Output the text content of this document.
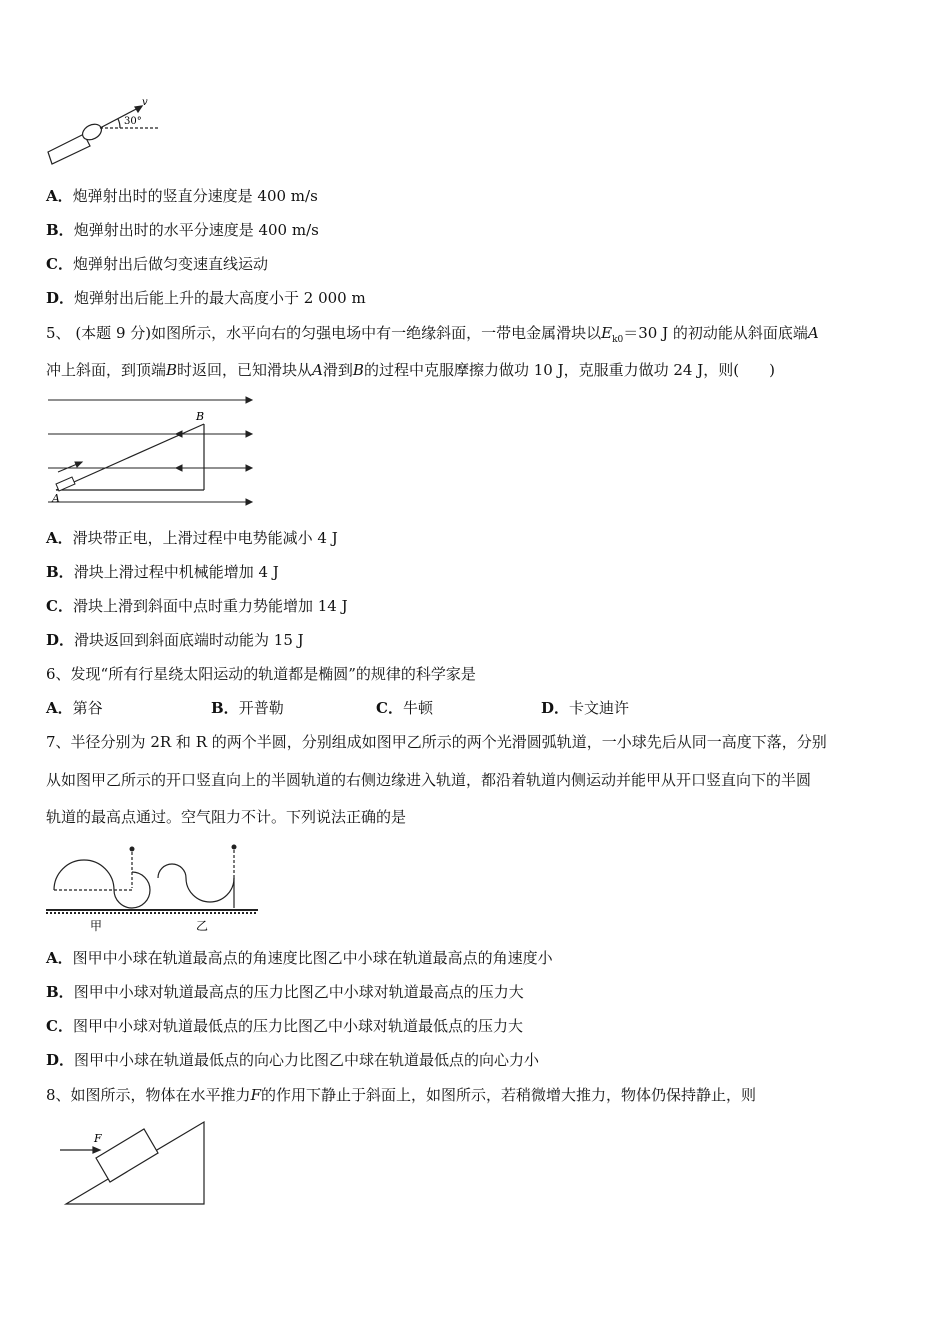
v
30°
A．炮弹射出时的竖直分速度是 400 m/s
B．炮弹射出时的水平分速度是 400 m/s
C．炮弹射出后做匀变速直线运动
D．炮弹射出后能上升的最大高度小于 2 000 m
5、 (本题 9 分)如图所示，水平向右的匀强电场中有一绝缘斜面，一带电金属滑块以$E_{k0}=30$ J 的初动能从斜面底端A
冲上斜面，到顶端B时返回，已知滑块从A滑到B的过程中克服摩擦力做功 10 J，克服重力做功 24 J，则(　　)
A
B
A．滑块带正电，上滑过程中电势能减小 4 J
B．滑块上滑过程中机械能增加 4 J
C．滑块上滑到斜面中点时重力势能增加 14 J
D．滑块返回到斜面底端时动能为 15 J
6、发现“所有行星绕太阳运动的轨道都是椭圆”的规律的科学家是
A．第谷	B．开普勒	C．牛顿	D．卡文迪许
7、半径分别为 2R 和 R 的两个半圆，分别组成如图甲乙所示的两个光滑圆弧轨道，一小球先后从同一高度下落，分别
从如图甲乙所示的开口竖直向上的半圆轨道的右侧边缘进入轨道，都沿着轨道内侧运动并能甲从开口竖直向下的半圆
轨道的最高点通过。空气阻力不计。下列说法正确的是
甲	乙
A．图甲中小球在轨道最高点的角速度比图乙中小球在轨道最高点的角速度小
B．图甲中小球对轨道最高点的压力比图乙中小球对轨道最高点的压力大
C．图甲中小球对轨道最低点的压力比图乙中小球对轨道最低点的压力大
D．图甲中小球在轨道最低点的向心力比图乙中球在轨道最低点的向心力小
8、如图所示，物体在水平推力F的作用下静止于斜面上，如图所示，若稍微增大推力，物体仍保持静止，则
F
